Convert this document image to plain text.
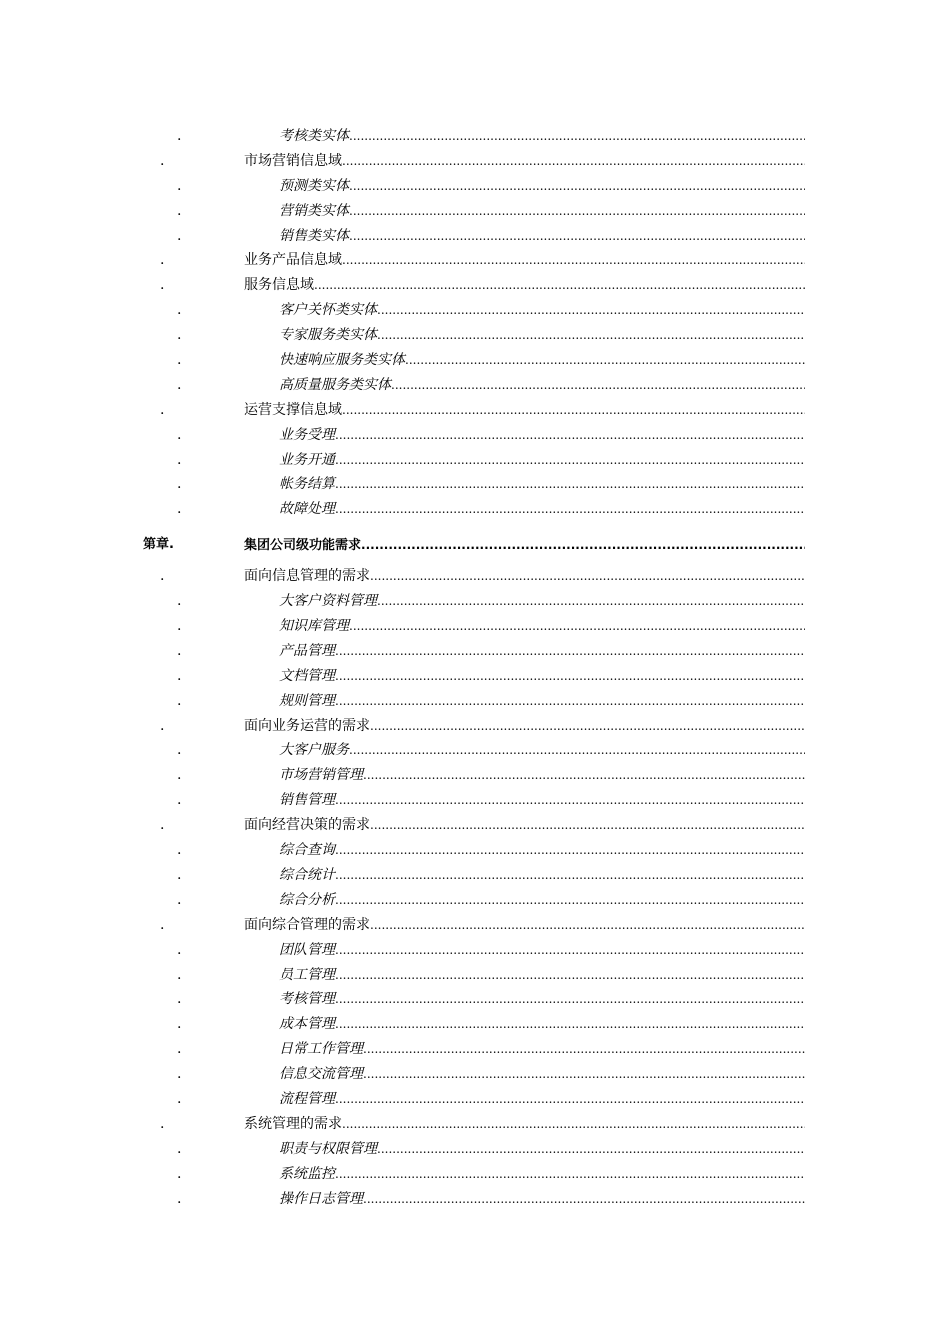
.	考核类实体
.....
.	市场营销信息域
.....
.	预测类实体
.....
.	营销类实体
.....
.	销售类实体
.....
.	业务产品信息域
.....
.	服务信息域
.....
.	客户关怀类实体
.....
.	专家服务类实体
.....
.	快速响应服务类实体
.....
.	高质量服务类实体
.....
.	运营支撑信息域
.....
.	业务受理
.....
.	业务开通
.....
.	帐务结算
.....
.	故障处理
.....
第章.	集团公司级功能需求
.....
.	面向信息管理的需求
.....
.	大客户资料管理
.....
.	知识库管理
.....
.	产品管理
.....
.	文档管理
.....
.	规则管理
.....
.	面向业务运营的需求
.....
.	大客户服务
.....
.	市场营销管理
.....
.	销售管理
.....
.	面向经营决策的需求
.....
.	综合查询
.....
.	综合统计
.....
.	综合分析
.....
.	面向综合管理的需求
.....
.	团队管理
.....
.	员工管理
.....
.	考核管理
.....
.	成本管理
.....
.	日常工作管理
.....
.	信息交流管理
.....
.	流程管理
.....
.	系统管理的需求
.....
.	职责与权限管理
.....
.	系统监控
.....
.	操作日志管理
.....
